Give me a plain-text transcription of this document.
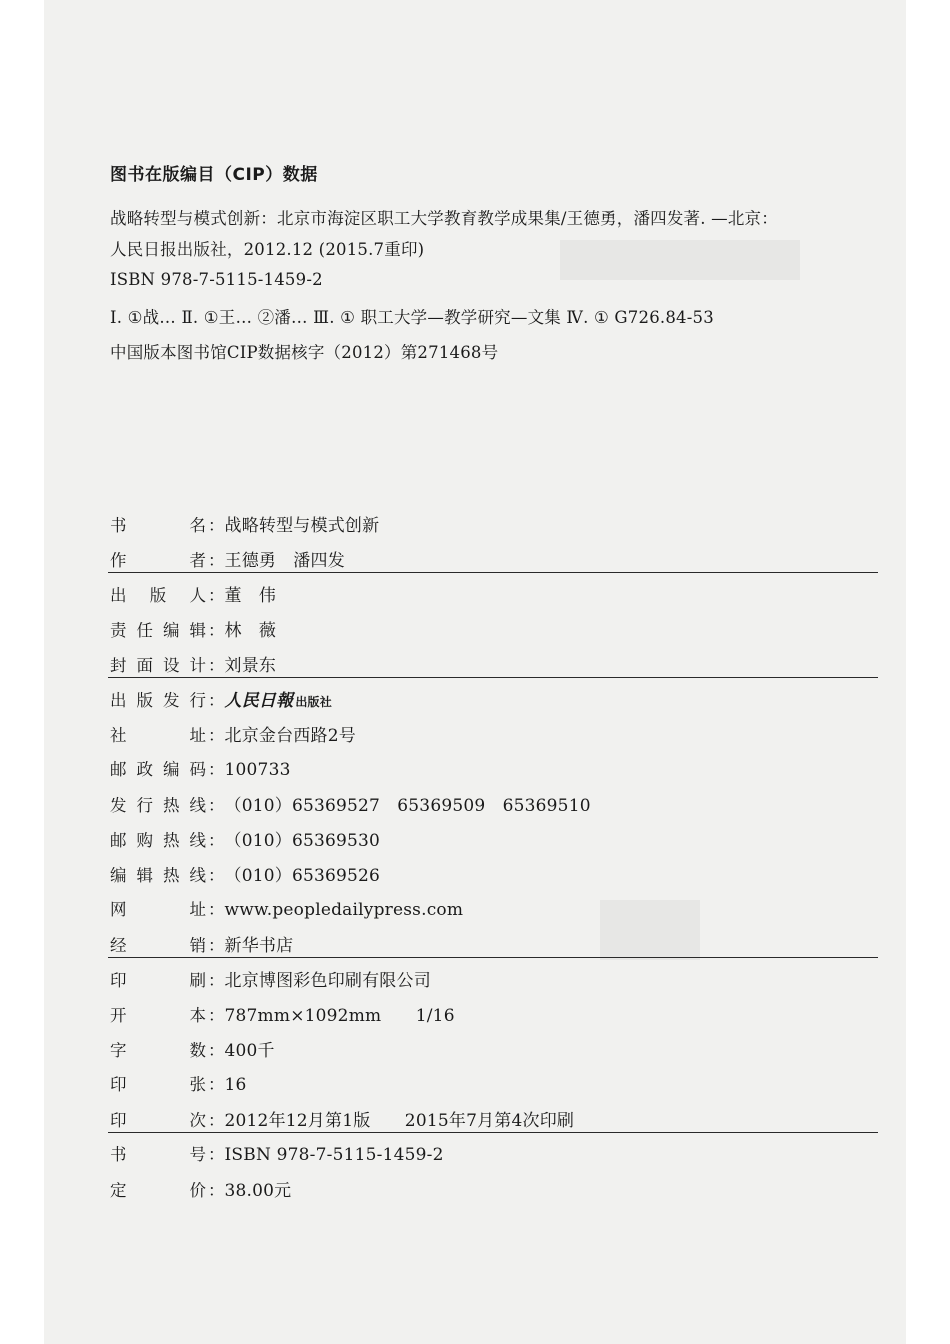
图书在版编目（CIP）数据
战略转型与模式创新：北京市海淀区职工大学教育教学成果集/王德勇，潘四发著. —北京：
人民日报出版社，2012.12 (2015.7重印)
ISBN 978-7-5115-1459-2
Ⅰ. ①战… Ⅱ. ①王… ②潘… Ⅲ. ① 职工大学—教学研究—文集 Ⅳ. ① G726.84-53
中国版本图书馆CIP数据核字（2012）第271468号
书名 ： 战略转型与模式创新
作者 ： 王德勇　潘四发
出版人 ： 董　伟
责任编辑 ： 林　薇
封面设计 ： 刘景东
出版发行 ： 人民日報 出版社
社址 ： 北京金台西路2号
邮政编码 ： 100733
发行热线 ： （010）65369527　65369509　65369510
邮购热线 ： （010）65369530
编辑热线 ： （010）65369526
网址 ： www.peopledailypress.com
经销 ： 新华书店
印刷 ： 北京博图彩色印刷有限公司
开本 ： 787mm×1092mm　　1/16
字数 ： 400千
印张 ： 16
印次 ： 2012年12月第1版　　2015年7月第4次印刷
书号 ： ISBN 978-7-5115-1459-2
定价 ： 38.00元
